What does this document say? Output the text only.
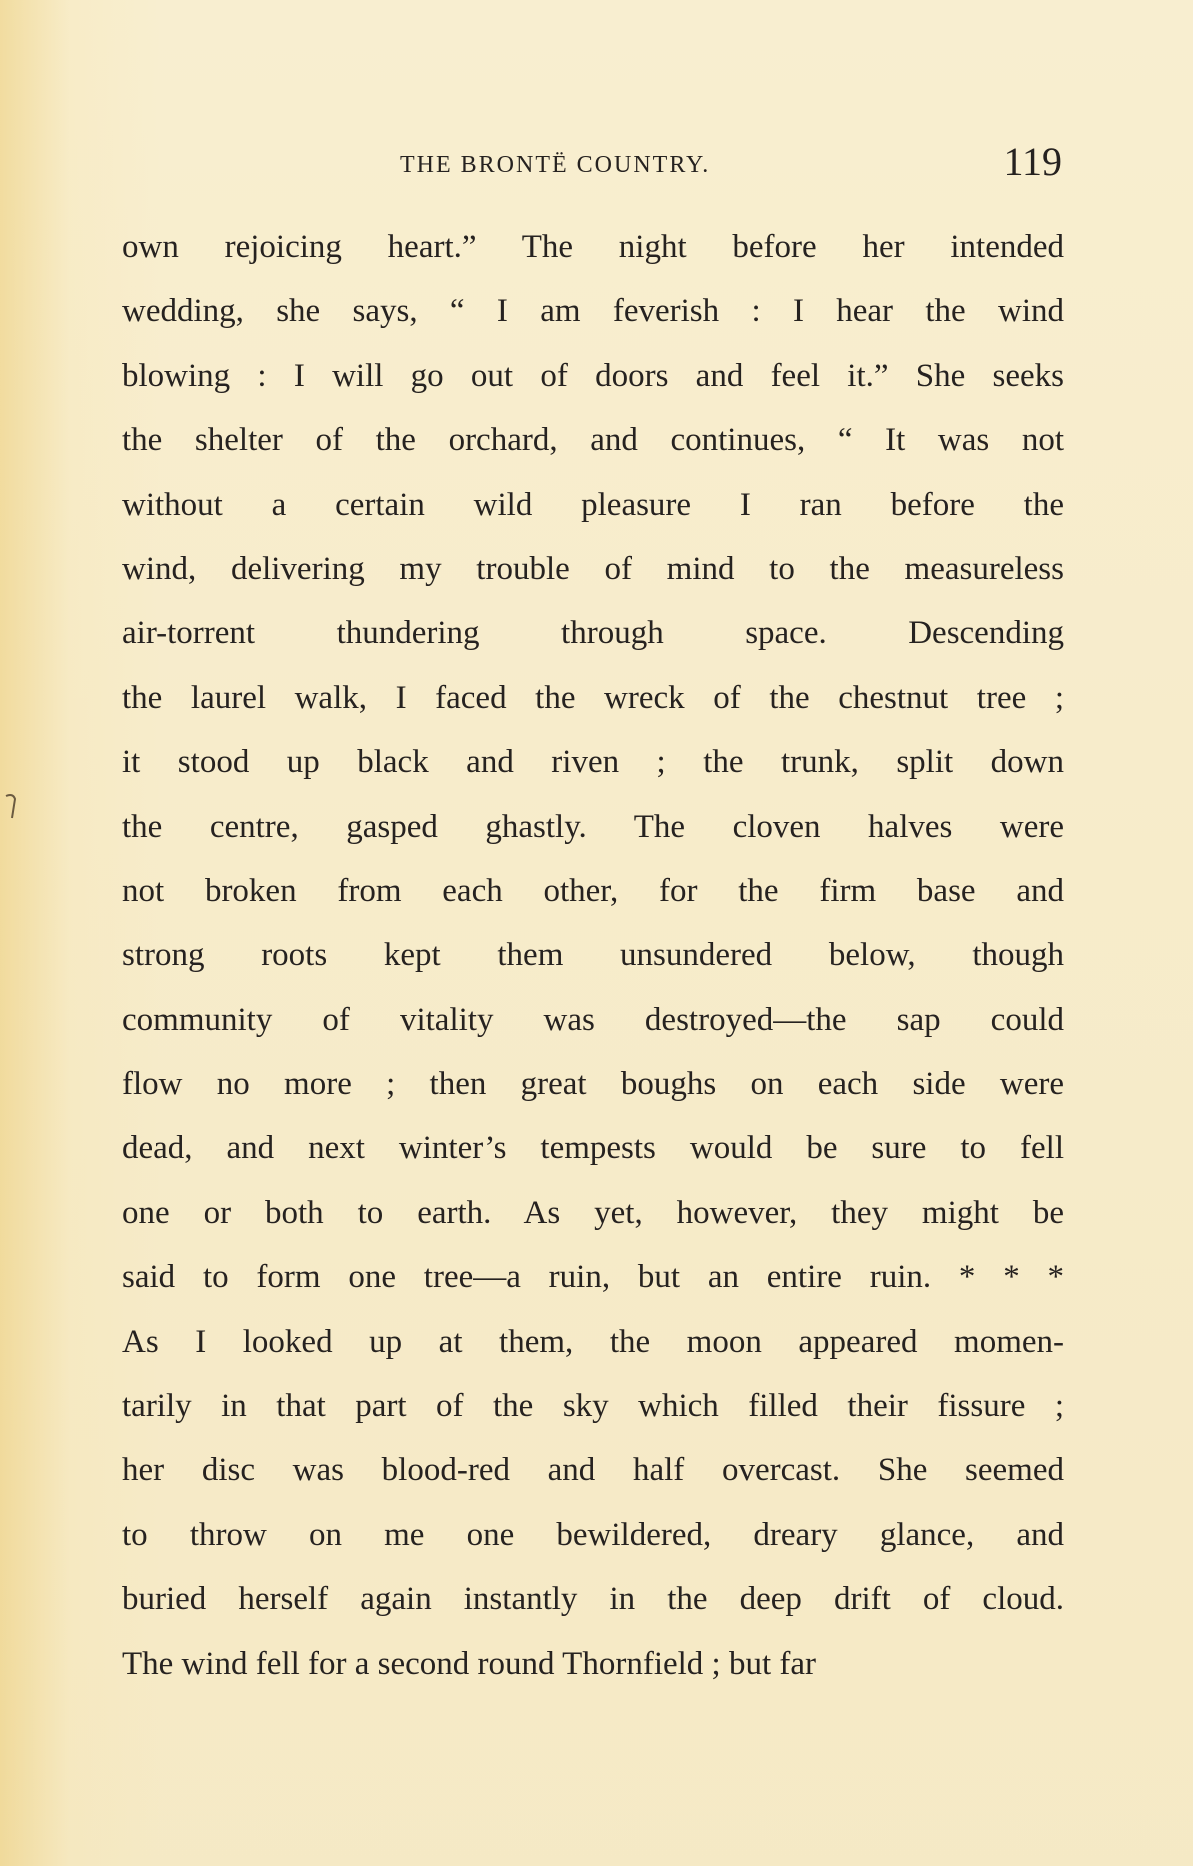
THE BRONTË COUNTRY.	119
own rejoicing heart.” The night before her intended
wedding, she says, “ I am feverish : I hear the wind
blowing : I will go out of doors and feel it.” She seeks
the shelter of the orchard, and continues, “ It was not
without a certain wild pleasure I ran before the
wind, delivering my trouble of mind to the measureless
air-torrent thundering through space. Descending
the laurel walk, I faced the wreck of the chestnut tree ;
it stood up black and riven ; the trunk, split down
the centre, gasped ghastly. The cloven halves were
not broken from each other, for the firm base and
strong roots kept them unsundered below, though
community of vitality was destroyed—the sap could
flow no more ; then great boughs on each side were
dead, and next winter’s tempests would be sure to fell
one or both to earth. As yet, however, they might be
said to form one tree—a ruin, but an entire ruin. * * *
As I looked up at them, the moon appeared momen-
tarily in that part of the sky which filled their fissure ;
her disc was blood-red and half overcast. She seemed
to throw on me one bewildered, dreary glance, and
buried herself again instantly in the deep drift of cloud.
The wind fell for a second round Thornfield ; but far
